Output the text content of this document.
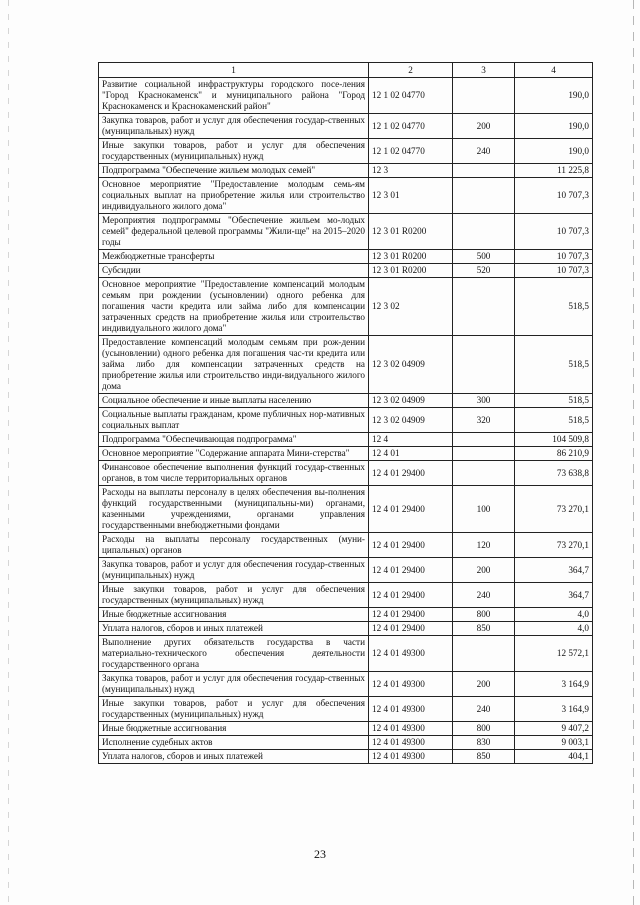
1	2	3	4
Развитие социальной инфраструктуры городского посе-ления "Город Краснокаменск" и муниципального района "Город Краснокаменск и Краснокаменский район"	12 1 02 04770		190,0
Закупка товаров, работ и услуг для обеспечения государ-ственных (муниципальных) нужд	12 1 02 04770	200	190,0
Иные закупки товаров, работ и услуг для обеспечения государственных (муниципальных) нужд	12 1 02 04770	240	190,0
Подпрограмма "Обеспечение жильем молодых семей"	12 3		11 225,8
Основное мероприятие "Предоставление молодым семь-ям социальных выплат на приобретение жилья или строительство индивидуального жилого дома"	12 3 01		10 707,3
Мероприятия подпрограммы "Обеспечение жильем мо-лодых семей" федеральной целевой программы "Жили-ще" на 2015–2020 годы	12 3 01 R0200		10 707,3
Межбюджетные трансферты	12 3 01 R0200	500	10 707,3
Субсидии	12 3 01 R0200	520	10 707,3
Основное мероприятие "Предоставление компенсаций молодым семьям при рождении (усыновлении) одного ребенка для погашения части кредита или займа либо для компенсации затраченных средств на приобретение жилья или строительство индивидуального жилого дома"	12 3 02		518,5
Предоставление компенсаций молодым семьям при рож-дении (усыновлении) одного ребенка для погашения час-ти кредита или займа либо для компенсации затраченных средств на приобретение жилья или строительство инди-видуального жилого дома	12 3 02 04909		518,5
Социальное обеспечение и иные выплаты населению	12 3 02 04909	300	518,5
Социальные выплаты гражданам, кроме публичных нор-мативных социальных выплат	12 3 02 04909	320	518,5
Подпрограмма "Обеспечивающая подпрограмма"	12 4		104 509,8
Основное мероприятие "Содержание аппарата Мини-стерства"	12 4 01		86 210,9
Финансовое обеспечение выполнения функций государ-ственных органов, в том числе территориальных органов	12 4 01 29400		73 638,8
Расходы на выплаты персоналу в целях обеспечения вы-полнения функций государственными (муниципальны-ми) органами, казенными учреждениями, органами управления государственными внебюджетными фондами	12 4 01 29400	100	73 270,1
Расходы на выплаты персоналу государственных (муни-ципальных) органов	12 4 01 29400	120	73 270,1
Закупка товаров, работ и услуг для обеспечения государ-ственных (муниципальных) нужд	12 4 01 29400	200	364,7
Иные закупки товаров, работ и услуг для обеспечения государственных (муниципальных) нужд	12 4 01 29400	240	364,7
Иные бюджетные ассигнования	12 4 01 29400	800	4,0
Уплата налогов, сборов и иных платежей	12 4 01 29400	850	4,0
Выполнение других обязательств государства в части материально-технического обеспечения деятельности государственного органа	12 4 01 49300		12 572,1
Закупка товаров, работ и услуг для обеспечения государ-ственных (муниципальных) нужд	12 4 01 49300	200	3 164,9
Иные закупки товаров, работ и услуг для обеспечения государственных (муниципальных) нужд	12 4 01 49300	240	3 164,9
Иные бюджетные ассигнования	12 4 01 49300	800	9 407,2
Исполнение судебных актов	12 4 01 49300	830	9 003,1
Уплата налогов, сборов и иных платежей	12 4 01 49300	850	404,1
23
